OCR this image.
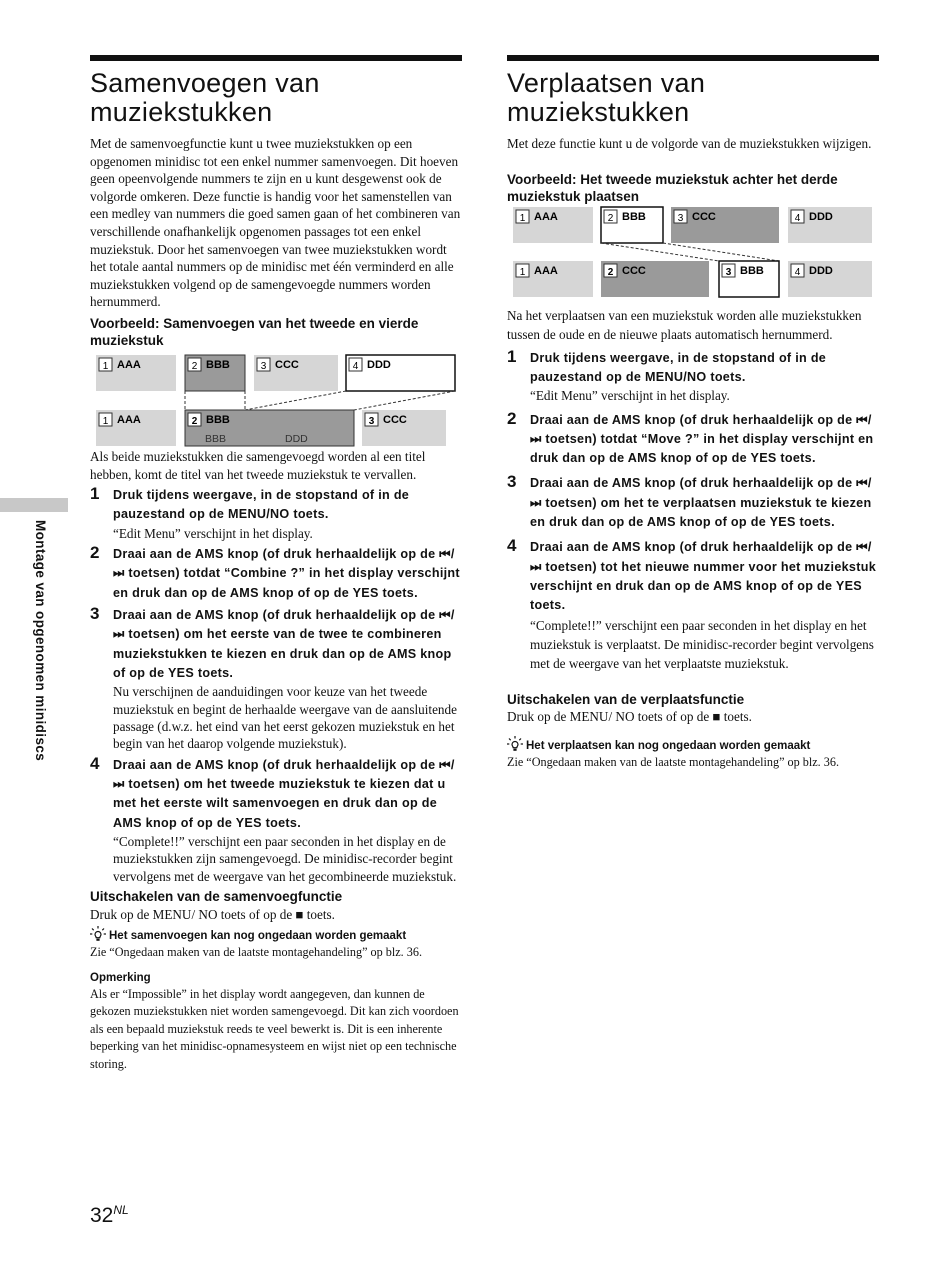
Montage van opgenomen minidiscs
Samenvoegen van muziekstukken

Met de samenvoegfunctie kunt u twee muziekstukken op een opgenomen minidisc tot een enkel nummer samenvoegen. Dit hoeven geen opeenvolgende nummers te zijn en u kunt desgewenst ook de volgorde omkeren. Deze functie is handig voor het samenstellen van een medley van nummers die goed samen gaan of het combineren van verschillende onafhankelijk opgenomen passages tot een enkel muziekstuk. Door het samenvoegen van twee muziekstukken wordt het totale aantal nummers op de minidisc met één verminderd en alle muziekstukken volgend op de samengevoegde nummers worden hernummerd.

Voorbeeld: Samenvoegen van het tweede en vierde muziekstuk
1 AAA	2 BBB	3 CCC	4 DDD
1 AAA	2 BBB
BBB	DDD
3 CCC

Als beide muziekstukken die samengevoegd worden al een titel hebben, komt de titel van het tweede muziekstuk te vervallen.

1 Druk tijdens weergave, in de stopstand of in de pauzestand op de MENU/NO toets.
“Edit Menu” verschijnt in het display.
2 Draai aan de AMS knop (of druk herhaaldelijk op de ⏮/⏭ toetsen) totdat “Combine ?” in het display verschijnt en druk dan op de AMS knop of op de YES toets.
3 Draai aan de AMS knop (of druk herhaaldelijk op de ⏮/⏭ toetsen) om het eerste van de twee te combineren muziekstukken te kiezen en druk dan op de AMS knop of op de YES toets.
Nu verschijnen de aanduidingen voor keuze van het tweede muziekstuk en begint de herhaalde weergave van de aansluitende passage (d.w.z. het eind van het eerst gekozen muziekstuk en het begin van het daarop volgende muziekstuk).
4 Draai aan de AMS knop (of druk herhaaldelijk op de ⏮/⏭ toetsen) om het tweede muziekstuk te kiezen dat u met het eerste wilt samenvoegen en druk dan op de AMS knop of op de YES toets.
“Complete!!” verschijnt een paar seconden in het display en de muziekstukken zijn samengevoegd. De minidisc-recorder begint vervolgens met de weergave van het gecombineerde muziekstuk.
Uitschakelen van de samenvoegfunctie

Druk op de MENU/ NO toets of op de ■ toets.

Het samenvoegen kan nog ongedaan worden gemaakt

Zie “Ongedaan maken van de laatste montagehandeling” op blz. 36.

Opmerking

Als er “Impossible” in het display wordt aangegeven, dan kunnen de gekozen muziekstukken niet worden samengevoegd. Dit kan zich voordoen als een bepaald muziekstuk reeds te veel bewerkt is. Dit is een inherente beperking van het minidisc-opnamesysteem en wijst niet op een technische storing.

Verplaatsen van muziekstukken

Met deze functie kunt u de volgorde van de muziekstukken wijzigen.

Voorbeeld: Het tweede muziekstuk achter het derde muziekstuk plaatsen
1 AAA	2 BBB	3 CCC	4 DDD
1 AAA	2 CCC	3 BBB	4 DDD

Na het verplaatsen van een muziekstuk worden alle muziekstukken tussen de oude en de nieuwe plaats automatisch hernummerd.

1 Druk tijdens weergave, in de stopstand of in de pauzestand op de MENU/NO toets.
“Edit Menu” verschijnt in het display.
2 Draai aan de AMS knop (of druk herhaaldelijk op de ⏮/⏭ toetsen) totdat “Move ?” in het display verschijnt en druk dan op de AMS knop of op de YES toets.
3 Draai aan de AMS knop (of druk herhaaldelijk op de ⏮/⏭ toetsen) om het te verplaatsen muziekstuk te kiezen en druk dan op de AMS knop of op de YES toets.
4 Draai aan de AMS knop (of druk herhaaldelijk op de ⏮/⏭ toetsen) tot het nieuwe nummer voor het muziekstuk verschijnt en druk dan op de AMS knop of op de YES toets.
“Complete!!” verschijnt een paar seconden in het display en het muziekstuk is verplaatst. De minidisc-recorder begint vervolgens met de weergave van het verplaatste muziekstuk.
Uitschakelen van de verplaatsfunctie

Druk op de MENU/ NO toets of op de ■ toets.

Het verplaatsen kan nog ongedaan worden gemaakt

Zie “Ongedaan maken van de laatste montagehandeling” op blz. 36.

$32^{NL}$
